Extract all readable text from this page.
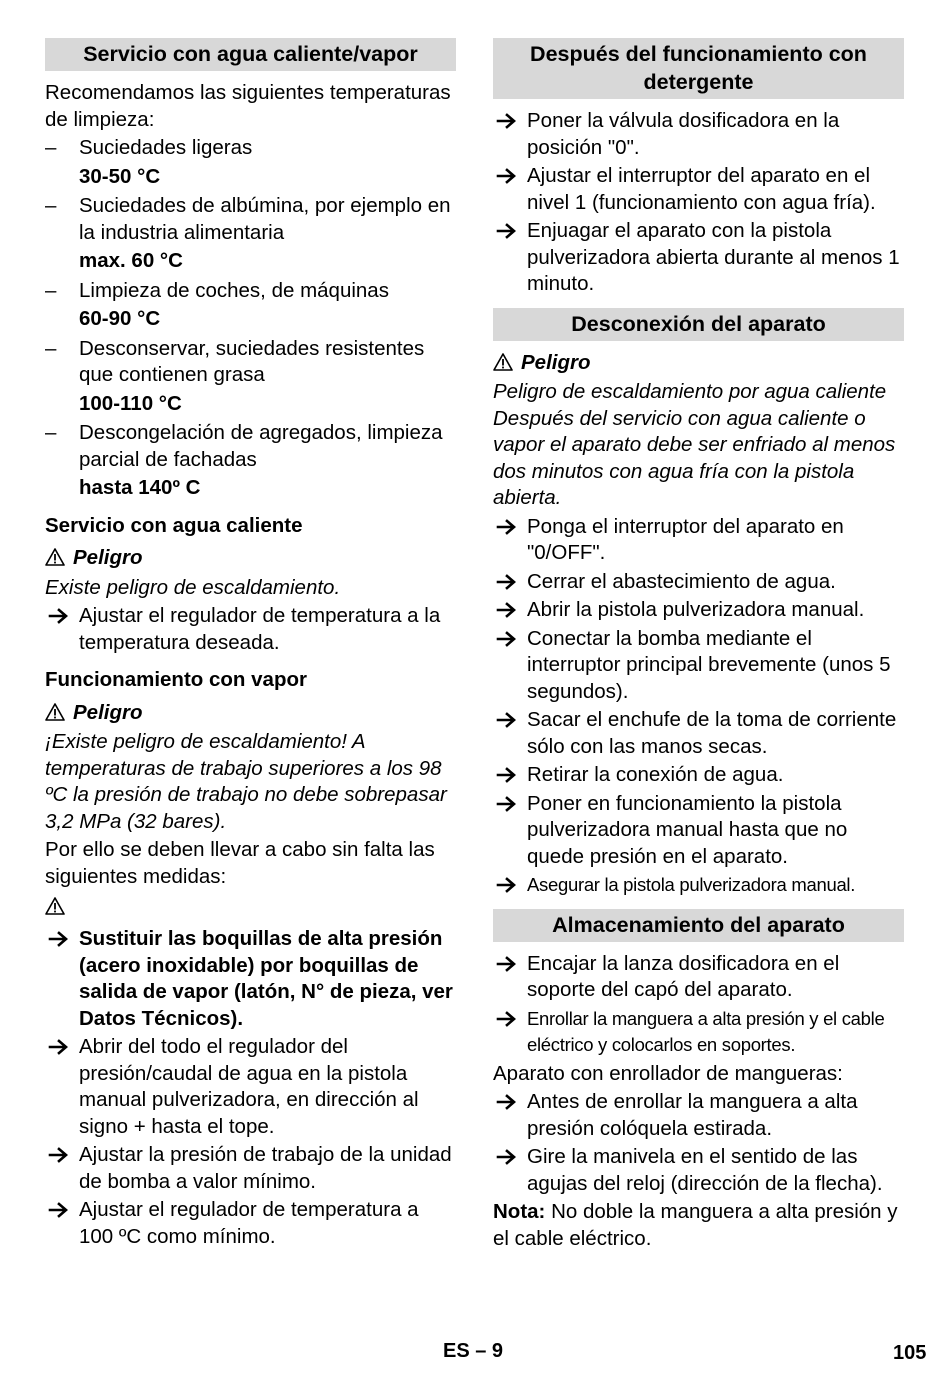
Servicio con agua caliente/vapor
Recomendamos las siguientes temperaturas de limpieza:
–	Suciedades ligeras
30-50 °C
–	Suciedades de albúmina, por ejemplo en la industria alimentaria
max. 60 °C
–	Limpieza de coches, de máquinas
60-90 °C
–	Desconservar, suciedades resistentes que contienen grasa
100-110 °C
–	Descongelación de agregados, limpieza parcial de fachadas
hasta 140º C
Servicio con agua caliente
Peligro
Existe peligro de escaldamiento.
Ajustar el regulador de temperatura a la temperatura deseada.
Funcionamiento con vapor
Peligro
¡Existe peligro de escaldamiento! A temperaturas de trabajo superiores a los 98 ºC la presión de trabajo no debe sobrepasar 3,2 MPa (32 bares).
Por ello se deben llevar a cabo sin falta las siguientes medidas:
Sustituir las boquillas de alta presión (acero inoxidable) por boquillas de salida de vapor (latón, N° de pieza, ver Datos Técnicos).
Abrir del todo el regulador del presión/caudal de agua en la pistola manual pulverizadora, en dirección al signo + hasta el tope.
Ajustar la presión de trabajo de la unidad de bomba a valor mínimo.
Ajustar el regulador de temperatura a 100 ºC como mínimo.
Después del funcionamiento con detergente
Poner la válvula dosificadora en la posición "0".
Ajustar el interruptor del aparato en el nivel 1 (funcionamiento con agua fría).
Enjuagar el aparato con la pistola pulverizadora abierta durante al menos 1 minuto.
Desconexión del aparato
Peligro
Peligro de escaldamiento por agua caliente Después del servicio con agua caliente o vapor el aparato debe ser enfriado al menos dos minutos con agua fría con la pistola abierta.
Ponga el interruptor del aparato en "0/OFF".
Cerrar el abastecimiento de agua.
Abrir la pistola pulverizadora manual.
Conectar la bomba mediante el interruptor principal brevemente (unos 5 segundos).
Sacar el enchufe de la toma de corriente sólo con las manos secas.
Retirar la conexión de agua.
Poner en funcionamiento la pistola pulverizadora manual hasta que no quede presión en el aparato.
Asegurar la pistola pulverizadora manual.
Almacenamiento del aparato
Encajar la lanza dosificadora en el soporte del capó del aparato.
Enrollar la manguera a alta presión y el cable eléctrico y colocarlos en soportes.
Aparato con enrollador de mangueras:
Antes de enrollar la manguera a alta presión colóquela estirada.
Gire la manivela en el sentido de las agujas del reloj (dirección de la flecha).
Nota: No doble la manguera a alta presión y el cable eléctrico.
ES – 9	105
